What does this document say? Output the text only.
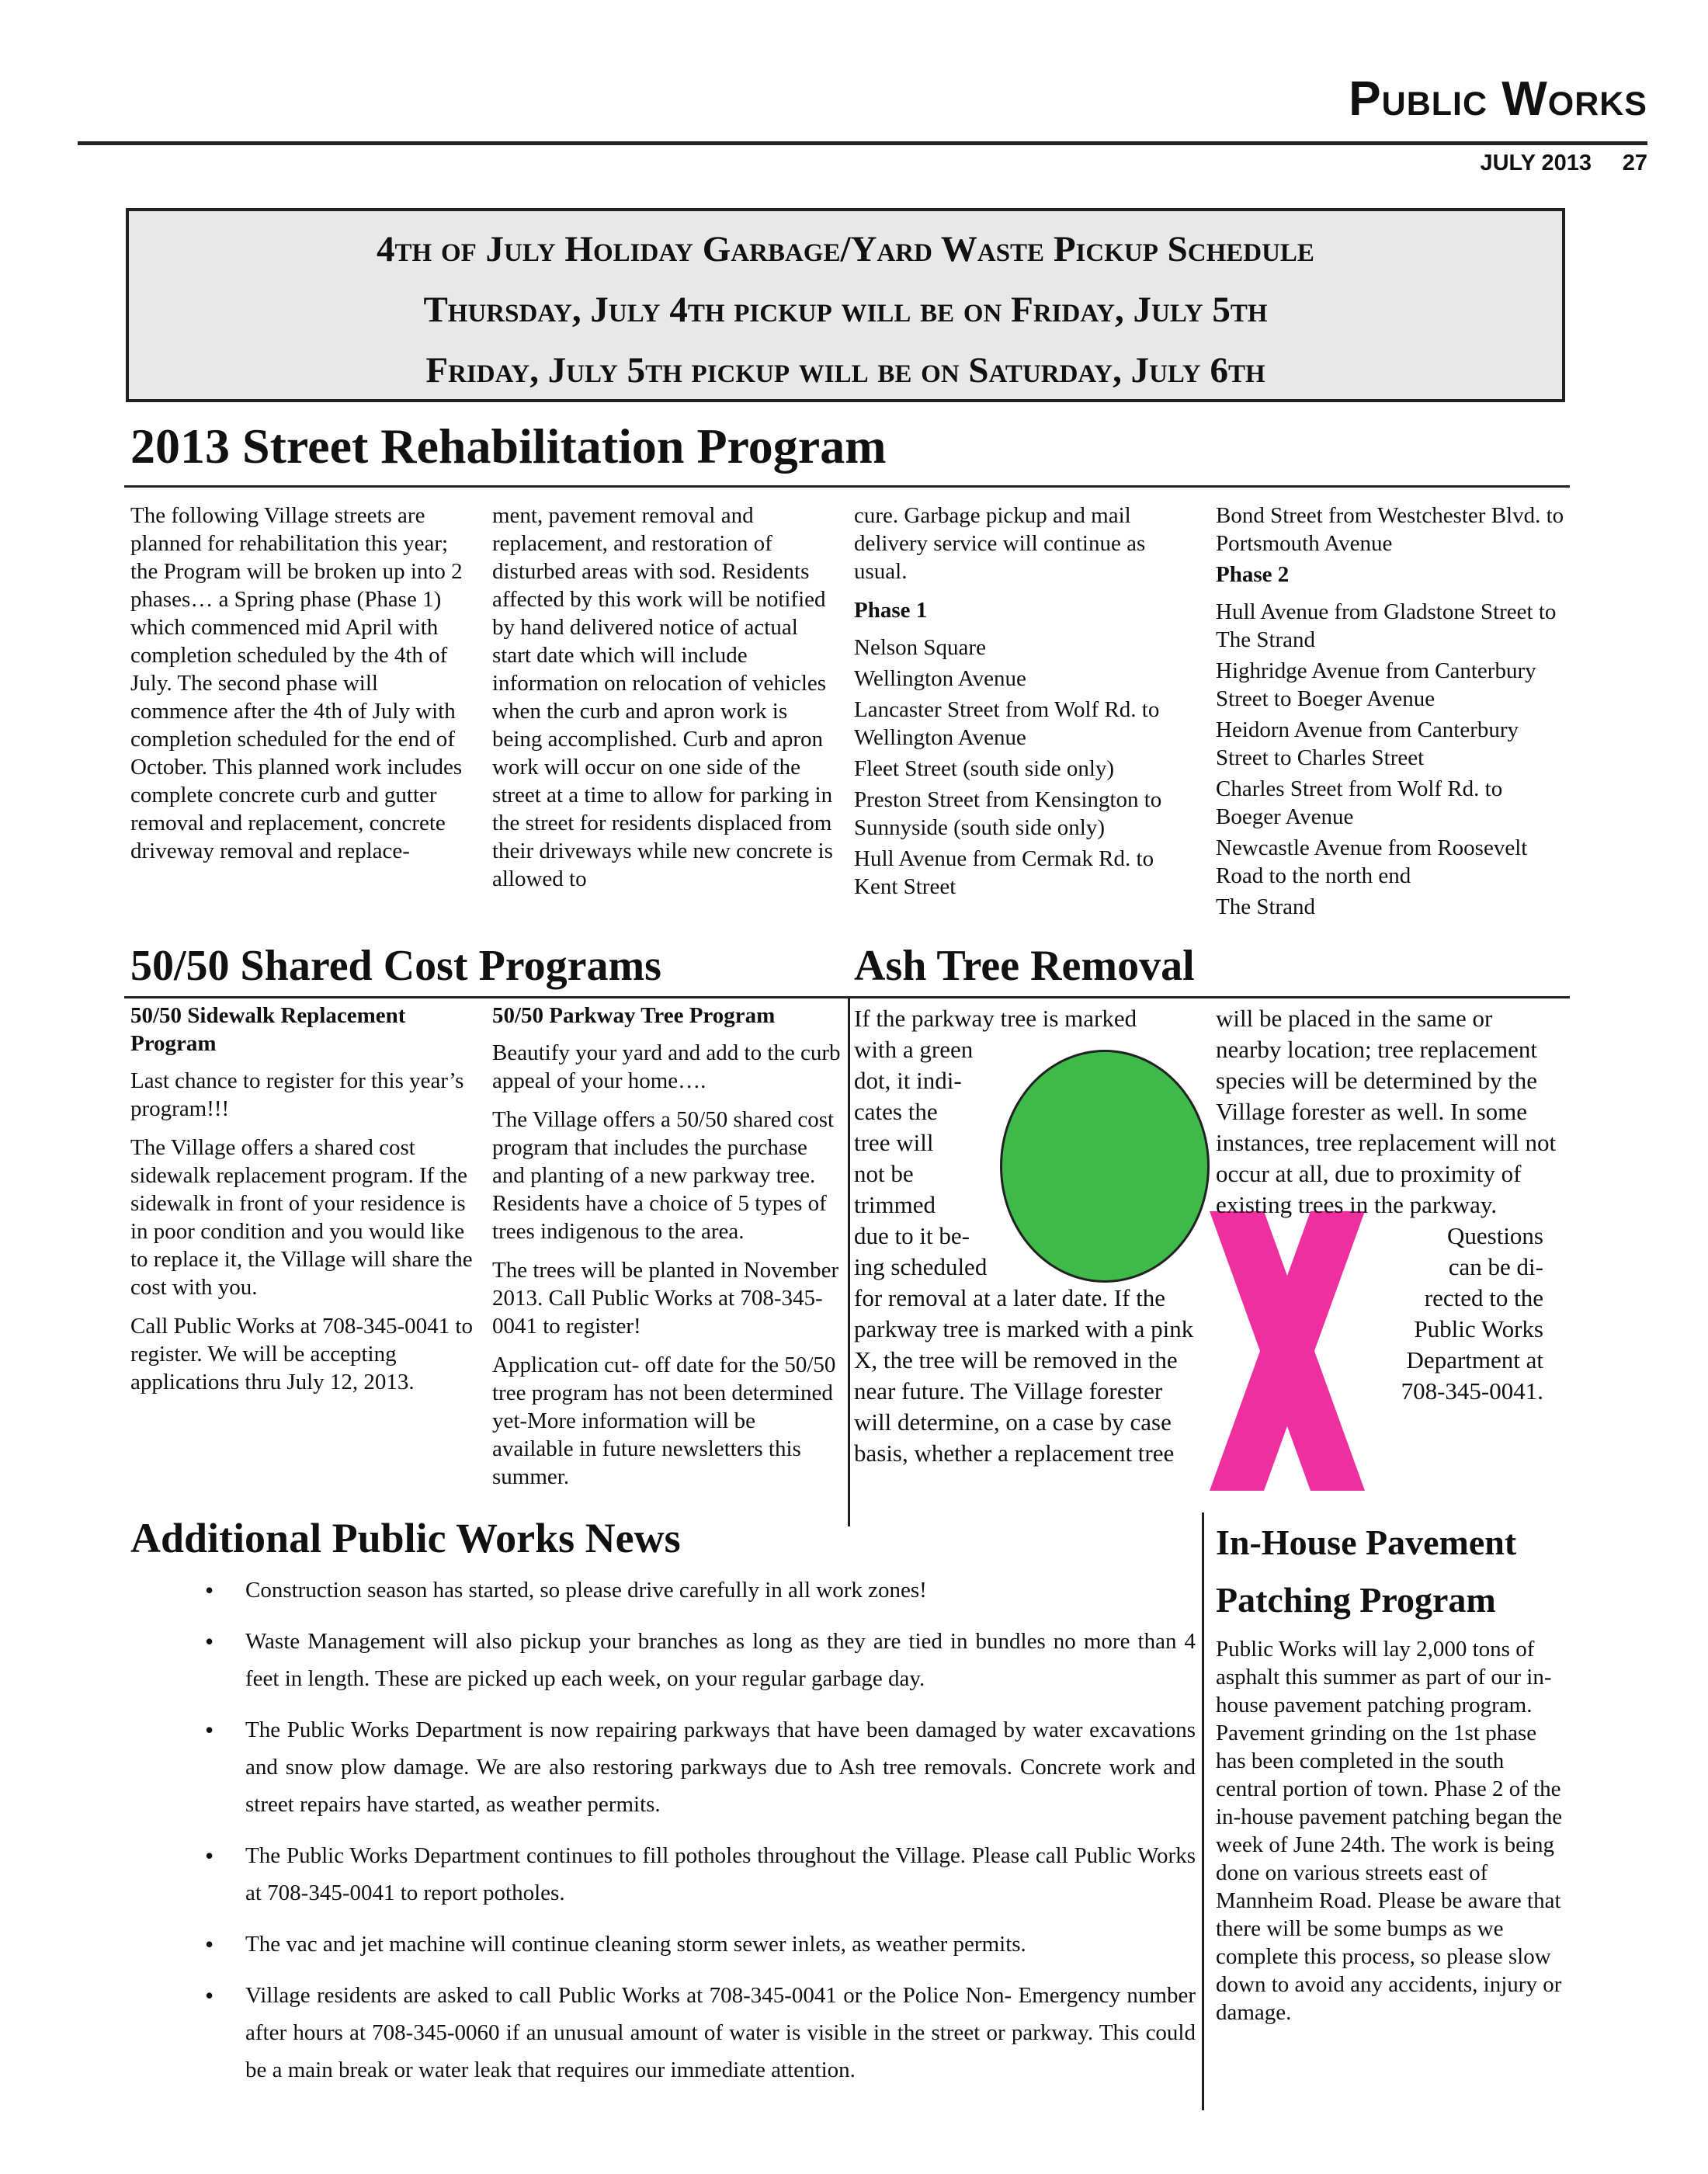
Public Works
JULY 2013 27
4th of July Holiday Garbage/Yard Waste Pickup Schedule
Thursday, July 4th pickup will be on Friday, July 5th
Friday, July 5th pickup will be on Saturday, July 6th
2013 Street Rehabilitation Program

The following Village streets are planned for rehabilitation this year; the Program will be broken up into 2 phases… a Spring phase (Phase 1) which commenced mid April with completion scheduled by the 4th of July. The second phase will commence after the 4th of July with completion scheduled for the end of October. This planned work includes complete concrete curb and gutter removal and replacement, concrete driveway removal and replace-

ment, pavement removal and replacement, and restoration of disturbed areas with sod. Residents affected by this work will be notified by hand delivered notice of actual start date which will include information on relocation of vehicles when the curb and apron work is being accomplished. Curb and apron work will occur on one side of the street at a time to allow for parking in the street for residents displaced from their driveways while new concrete is allowed to

cure. Garbage pickup and mail delivery service will continue as usual.

Phase 1
Nelson Square
Wellington Avenue
Lancaster Street from Wolf Rd. to Wellington Avenue
Fleet Street (south side only)
Preston Street from Kensington to Sunnyside (south side only)
Hull Avenue from Cermak Rd. to Kent Street
Bond Street from Westchester Blvd. to Portsmouth Avenue
Phase 2
Hull Avenue from Gladstone Street to The Strand
Highridge Avenue from Canterbury Street to Boeger Avenue
Heidorn Avenue from Canterbury Street to Charles Street
Charles Street from Wolf Rd. to Boeger Avenue
Newcastle Avenue from Roosevelt Road to the north end
The Strand
50/50 Shared Cost Programs
50/50 Sidewalk Replacement Program

Last chance to register for this year’s program!!!

The Village offers a shared cost sidewalk replacement program. If the sidewalk in front of your residence is in poor condition and you would like to replace it, the Village will share the cost with you.

Call Public Works at 708-345-0041 to register. We will be accepting applications thru July 12, 2013.

50/50 Parkway Tree Program

Beautify your yard and add to the curb appeal of your home….

The Village offers a 50/50 shared cost program that includes the purchase and planting of a new parkway tree. Residents have a choice of 5 types of trees indigenous to the area.

The trees will be planted in November 2013. Call Public Works at 708-345-0041 to register!

Application cut- off date for the 50/50 tree program has not been determined yet-More information will be available in future newsletters this summer.

Ash Tree Removal
If the parkway tree is marked
with a green
dot, it indi-
cates the
tree will
not be
trimmed
due to it be-
ing scheduled
for removal at a later date. If the parkway tree is marked with a pink X, the tree will be removed in the near future. The Village forester will determine, on a case by case basis, whether a replacement tree
will be placed in the same or nearby location; tree replacement species will be determined by the Village forester as well. In some instances, tree replacement will not occur at all, due to proximity of existing trees in the parkway.
Questions
can be di-
rected to the
Public Works
Department at
708-345-0041.
Additional Public Works News
• Construction season has started, so please drive carefully in all work zones!
• Waste Management will also pickup your branches as long as they are tied in bundles no more than 4 feet in length. These are picked up each week, on your regular garbage day.
• The Public Works Department is now repairing parkways that have been damaged by water excavations and snow plow damage. We are also restoring parkways due to Ash tree removals. Concrete work and street repairs have started, as weather permits.
• The Public Works Department continues to fill potholes throughout the Village. Please call Public Works at 708-345-0041 to report potholes.
• The vac and jet machine will continue cleaning storm sewer inlets, as weather permits.
• Village residents are asked to call Public Works at 708-345-0041 or the Police Non- Emergency number after hours at 708-345-0060 if an unusual amount of water is visible in the street or parkway. This could be a main break or water leak that requires our immediate attention.
In-House Pavement
Patching Program
Public Works will lay 2,000 tons of asphalt this summer as part of our in-house pavement patching program. Pavement grinding on the 1st phase has been completed in the south central portion of town. Phase 2 of the in-house pavement patching began the week of June 24th. The work is being done on various streets east of Mannheim Road. Please be aware that there will be some bumps as we complete this process, so please slow down to avoid any accidents, injury or damage.
